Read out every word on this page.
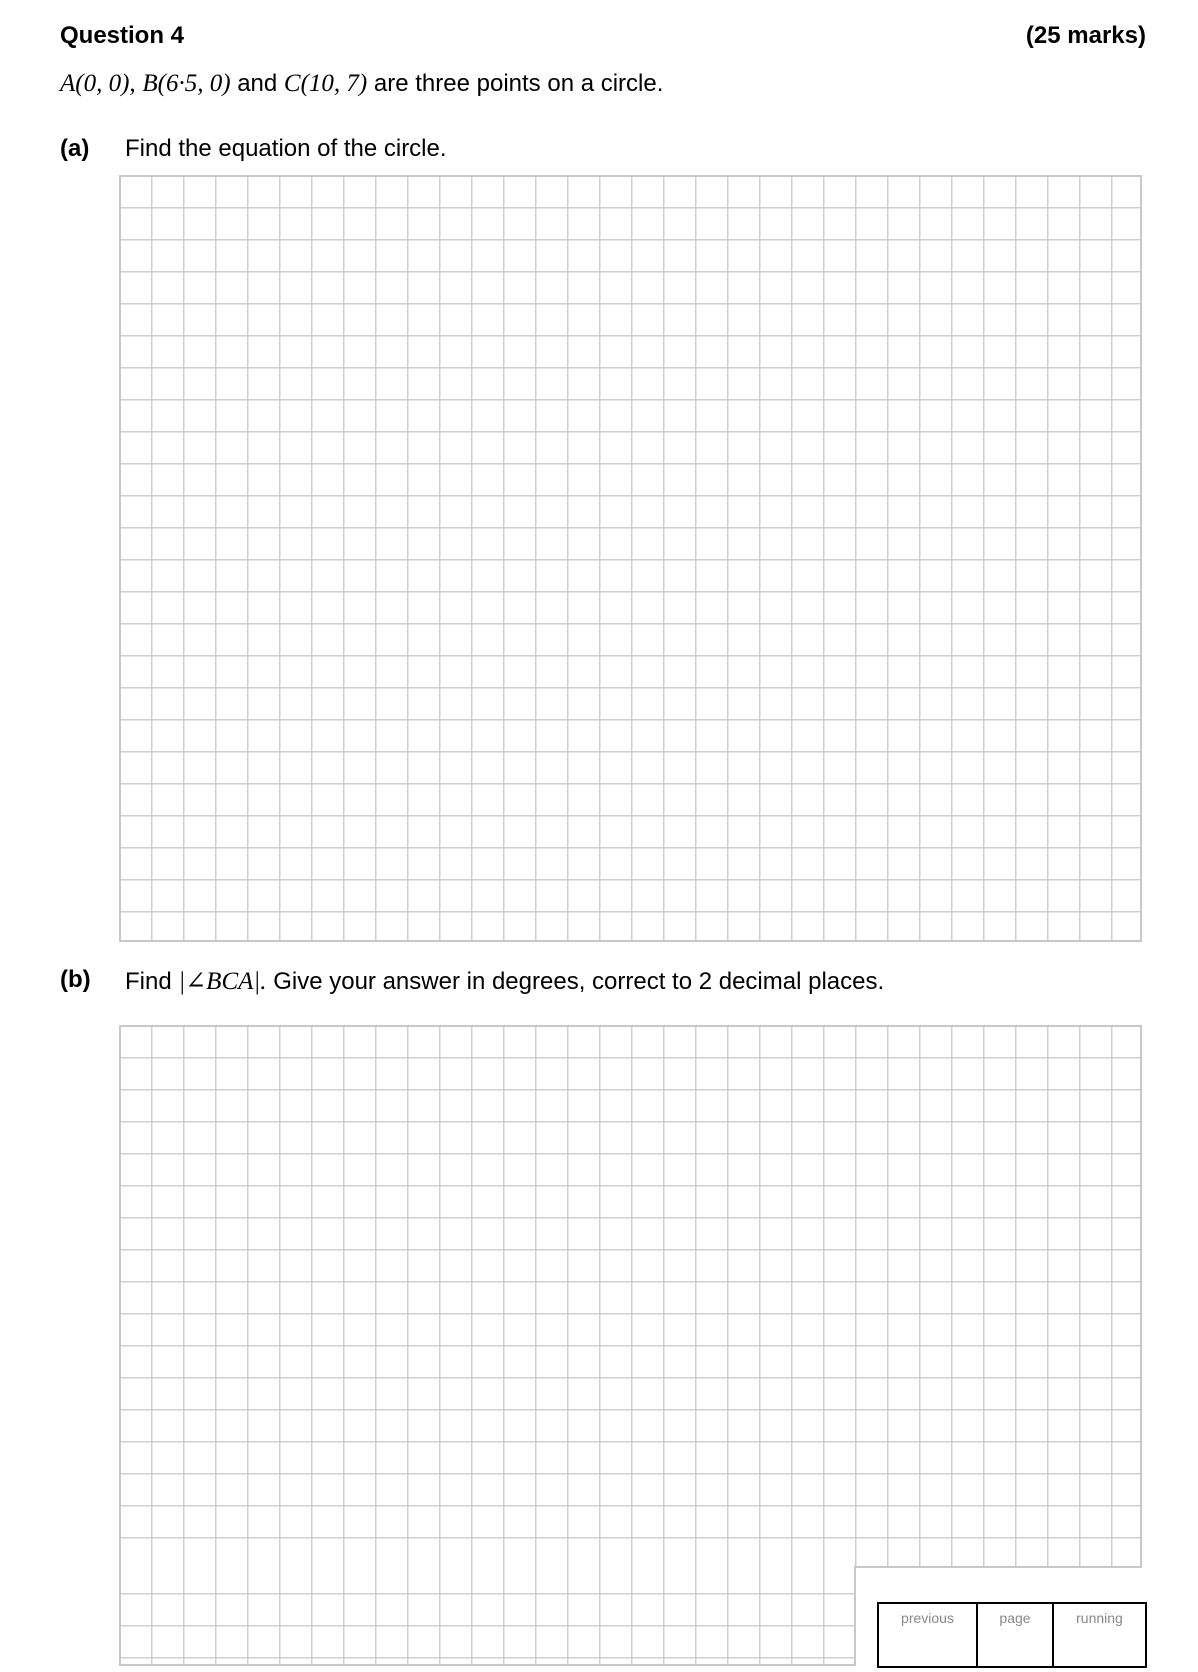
Question 4	(25 marks)
A(0, 0), B(6·5, 0) and C(10, 7) are three points on a circle.
(a) Find the equation of the circle.
(b) Find |∠BCA|. Give your answer in degrees, correct to 2 decimal places.
previous	page	running
